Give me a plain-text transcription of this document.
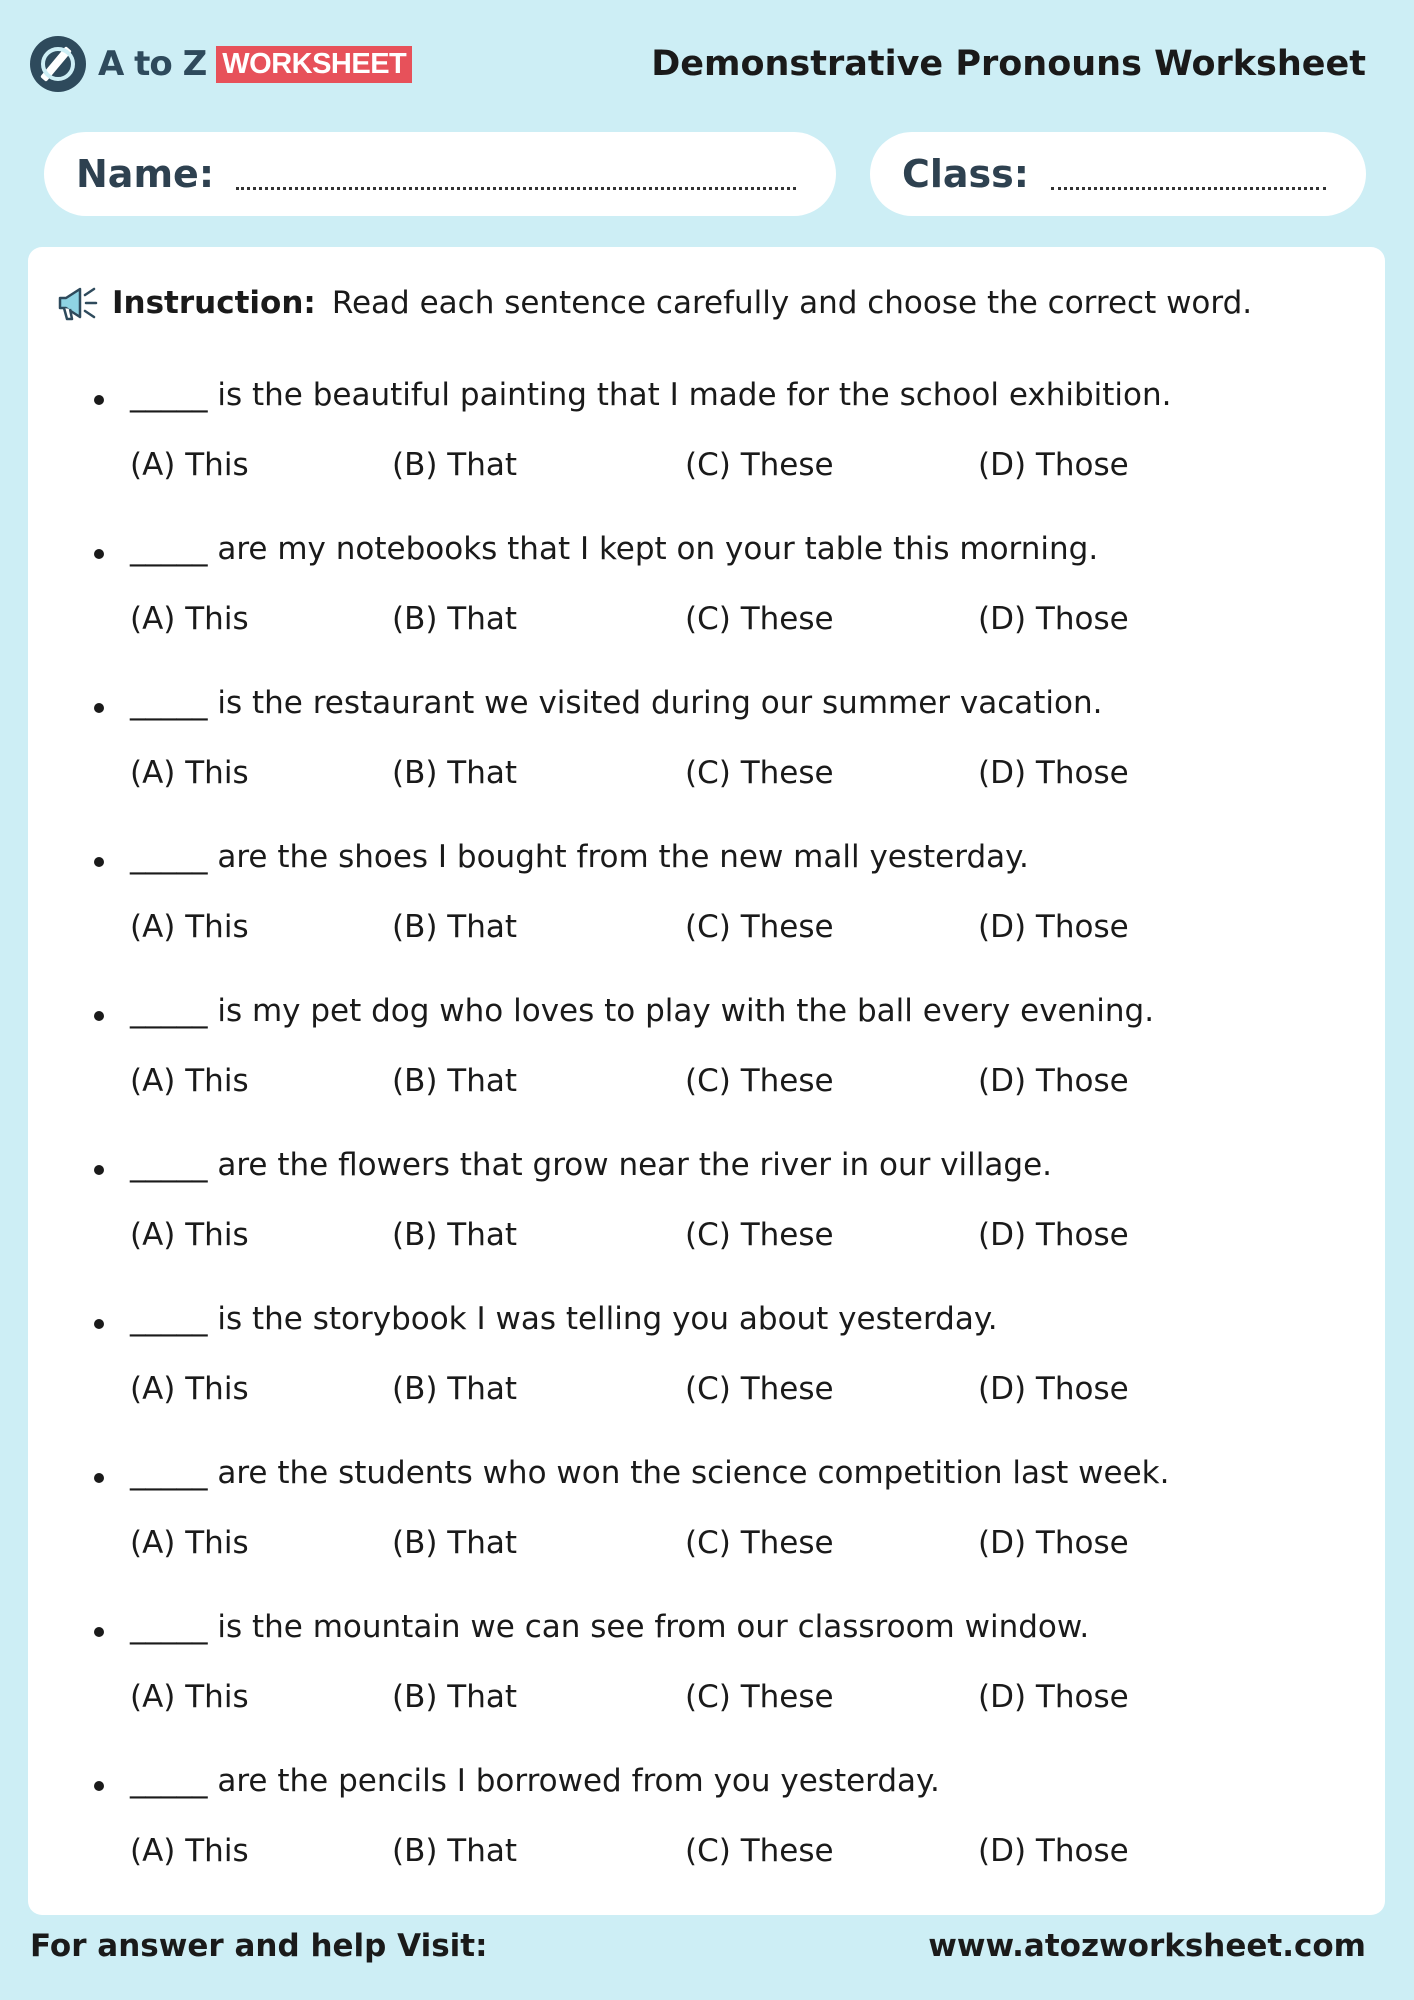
A to Z WORKSHEET	Demonstrative Pronouns Worksheet
Name:	Class:
Instruction: Read each sentence carefully and choose the correct word.
_____ is the beautiful painting that I made for the school exhibition.
(A) This	(B) That	(C) These	(D) Those
_____ are my notebooks that I kept on your table this morning.
(A) This	(B) That	(C) These	(D) Those
_____ is the restaurant we visited during our summer vacation.
(A) This	(B) That	(C) These	(D) Those
_____ are the shoes I bought from the new mall yesterday.
(A) This	(B) That	(C) These	(D) Those
_____ is my pet dog who loves to play with the ball every evening.
(A) This	(B) That	(C) These	(D) Those
_____ are the flowers that grow near the river in our village.
(A) This	(B) That	(C) These	(D) Those
_____ is the storybook I was telling you about yesterday.
(A) This	(B) That	(C) These	(D) Those
_____ are the students who won the science competition last week.
(A) This	(B) That	(C) These	(D) Those
_____ is the mountain we can see from our classroom window.
(A) This	(B) That	(C) These	(D) Those
_____ are the pencils I borrowed from you yesterday.
(A) This	(B) That	(C) These	(D) Those
For answer and help Visit:	www.atozworksheet.com
